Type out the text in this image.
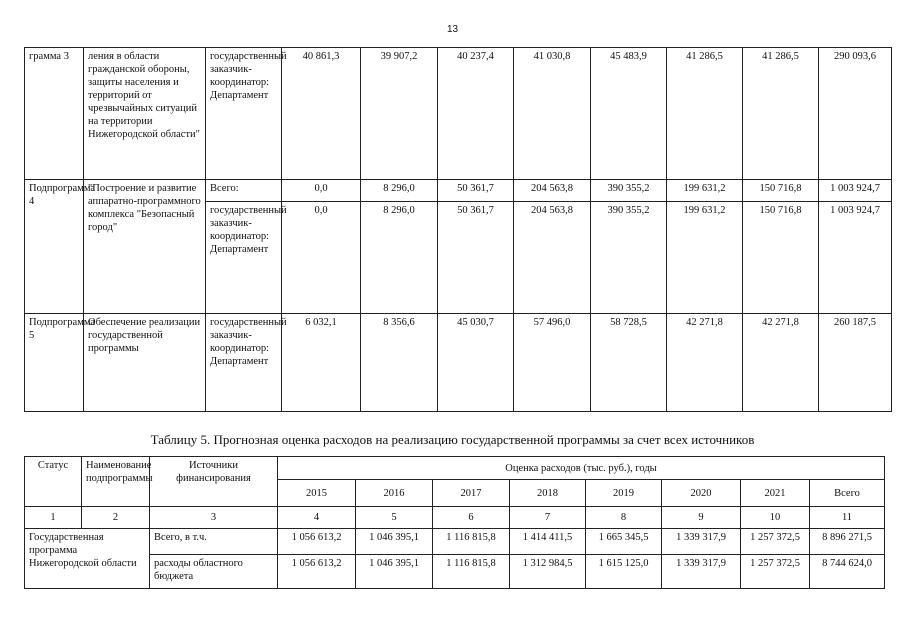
13
грамма 3	ления в области гражданской обороны, защиты населения и территорий от чрезвычайных ситуаций на территории Нижегородской области"	государственный заказчик-координатор: Департамент	40 861,3	39 907,2	40 237,4	41 030,8	45 483,9	41 286,5	41 286,5	290 093,6
Подпрограмма 4	"Построение и развитие аппаратно-программного комплекса "Безопасный город"	Всего:	0,0	8 296,0	50 361,7	204 563,8	390 355,2	199 631,2	150 716,8	1 003 924,7
		государственный заказчик-координатор: Департамент	0,0	8 296,0	50 361,7	204 563,8	390 355,2	199 631,2	150 716,8	1 003 924,7
Подпрограмма 5	Обеспечение реализации государственной программы	государственный заказчик-координатор: Департамент	6 032,1	8 356,6	45 030,7	57 496,0	58 728,5	42 271,8	42 271,8	260 187,5
Таблицу 5. Прогнозная оценка расходов на реализацию государственной программы за счет всех источников
Статус	Наименование подпрограммы	Источники финансирования	Оценка расходов (тыс. руб.), годы							
			2015	2016	2017	2018	2019	2020	2021	Всего
1	2	3	4	5	6	7	8	9	10	11
Государственная программа Нижегородской области		Всего, в т.ч.	1 056 613,2	1 046 395,1	1 116 815,8	1 414 411,5	1 665 345,5	1 339 317,9	1 257 372,5	8 896 271,5
		расходы областного бюджета	1 056 613,2	1 046 395,1	1 116 815,8	1 312 984,5	1 615 125,0	1 339 317,9	1 257 372,5	8 744 624,0
